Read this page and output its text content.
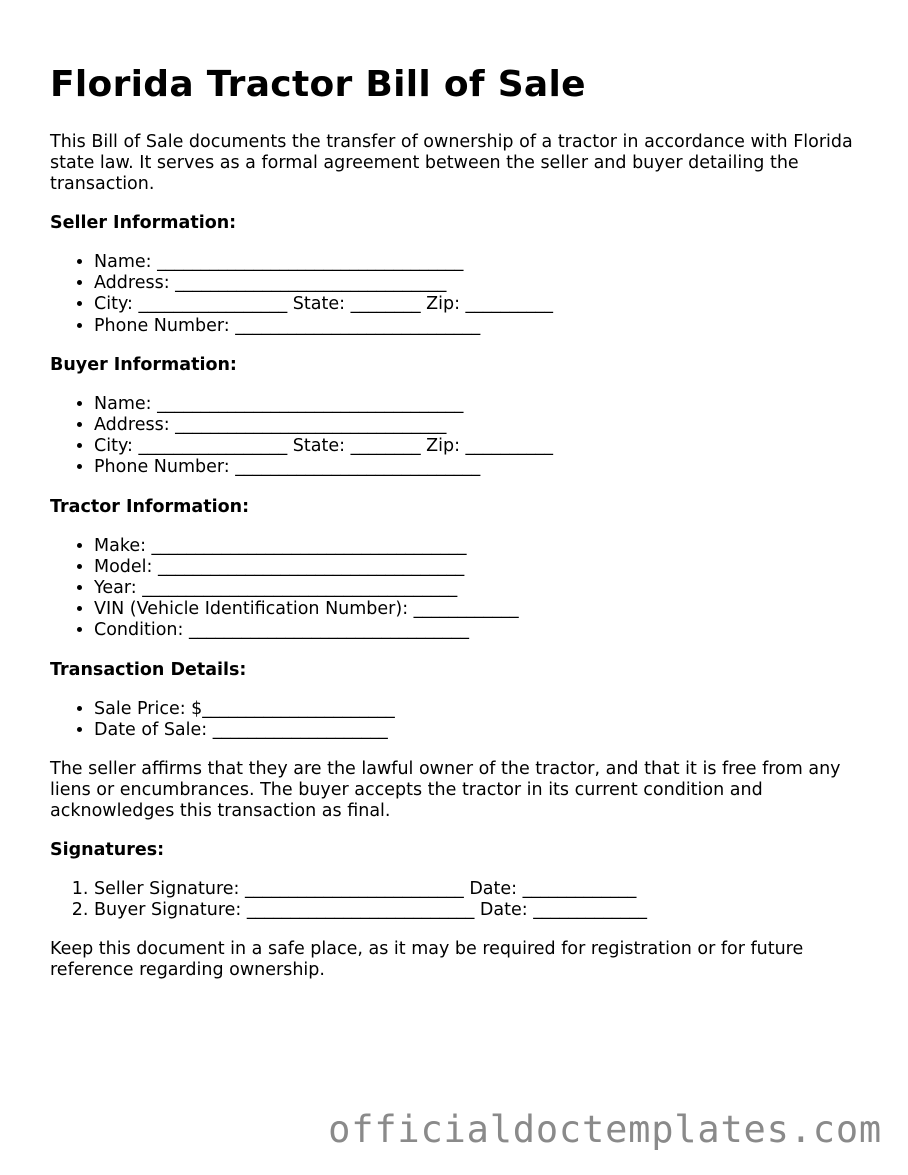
Florida Tractor Bill of Sale

This Bill of Sale documents the transfer of ownership of a tractor in accordance with Florida state law. It serves as a formal agreement between the seller and buyer detailing the transaction.

Seller Information:
• Name: ___________________________________
• Address: _______________________________
• City: _________________ State: ________ Zip: __________
• Phone Number: ____________________________
Buyer Information:
• Name: ___________________________________
• Address: _______________________________
• City: _________________ State: ________ Zip: __________
• Phone Number: ____________________________
Tractor Information:
• Make: ____________________________________
• Model: ___________________________________
• Year: ____________________________________
• VIN (Vehicle Identification Number): ____________
• Condition: ________________________________
Transaction Details:
• Sale Price: $______________________
• Date of Sale: ____________________

The seller affirms that they are the lawful owner of the tractor, and that it is free from any liens or encumbrances. The buyer accepts the tractor in its current condition and acknowledges this transaction as final.

Signatures:
1. Seller Signature: _________________________ Date: _____________
2. Buyer Signature: __________________________ Date: _____________

Keep this document in a safe place, as it may be required for registration or for future reference regarding ownership.

officialdoctemplates.com
